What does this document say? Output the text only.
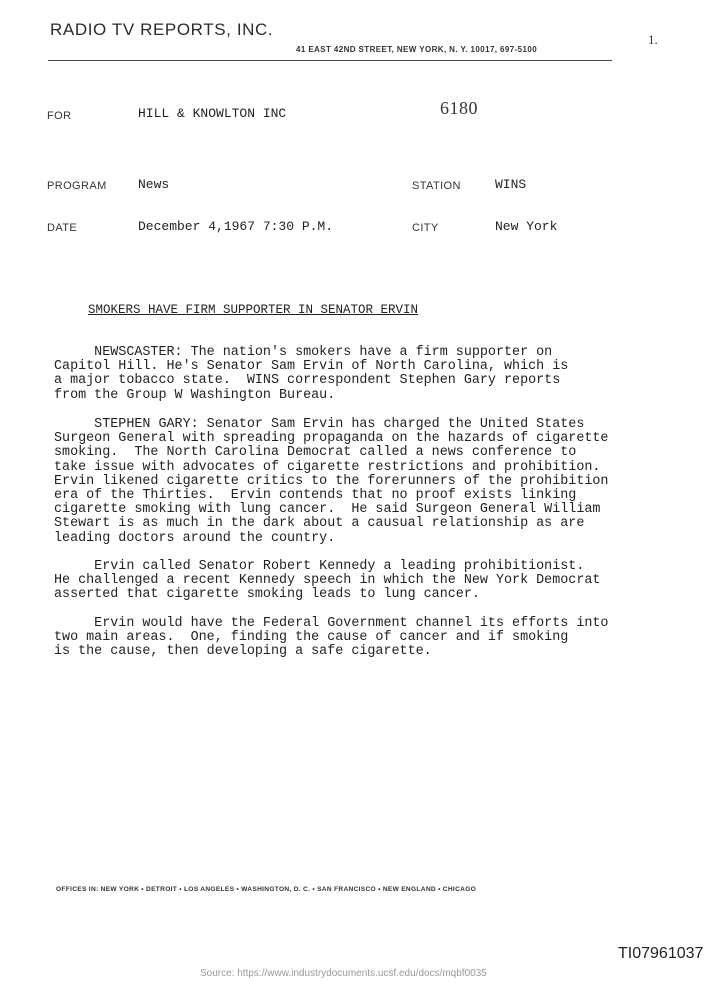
RADIO TV REPORTS, INC.
41 EAST 42ND STREET, NEW YORK, N. Y. 10017, 697-5100
1.
FOR	HILL & KNOWLTON INC	6180
PROGRAM News	STATION	WINS
DATE	December 4,1967 7:30 P.M.	CITY	New York
SMOKERS HAVE FIRM SUPPORTER IN SENATOR ERVIN
NEWSCASTER: The nation's smokers have a firm supporter on
Capitol Hill. He's Senator Sam Ervin of North Carolina, which is
a major tobacco state.  WINS correspondent Stephen Gary reports
from the Group W Washington Bureau.
STEPHEN GARY: Senator Sam Ervin has charged the United States
Surgeon General with spreading propaganda on the hazards of cigarette
smoking.  The North Carolina Democrat called a news conference to
take issue with advocates of cigarette restrictions and prohibition.
Ervin likened cigarette critics to the forerunners of the prohibition
era of the Thirties.  Ervin contends that no proof exists linking
cigarette smoking with lung cancer.  He said Surgeon General William
Stewart is as much in the dark about a causual relationship as are
leading doctors around the country.
Ervin called Senator Robert Kennedy a leading prohibitionist.
He challenged a recent Kennedy speech in which the New York Democrat
asserted that cigarette smoking leads to lung cancer.
Ervin would have the Federal Government channel its efforts into
two main areas.  One, finding the cause of cancer and if smoking
is the cause, then developing a safe cigarette.
OFFICES IN: NEW YORK • DETROIT • LOS ANGELES • WASHINGTON, D. C. • SAN FRANCISCO • NEW ENGLAND • CHICAGO
TI07961037
Source: https://www.industrydocuments.ucsf.edu/docs/mqbf0035
